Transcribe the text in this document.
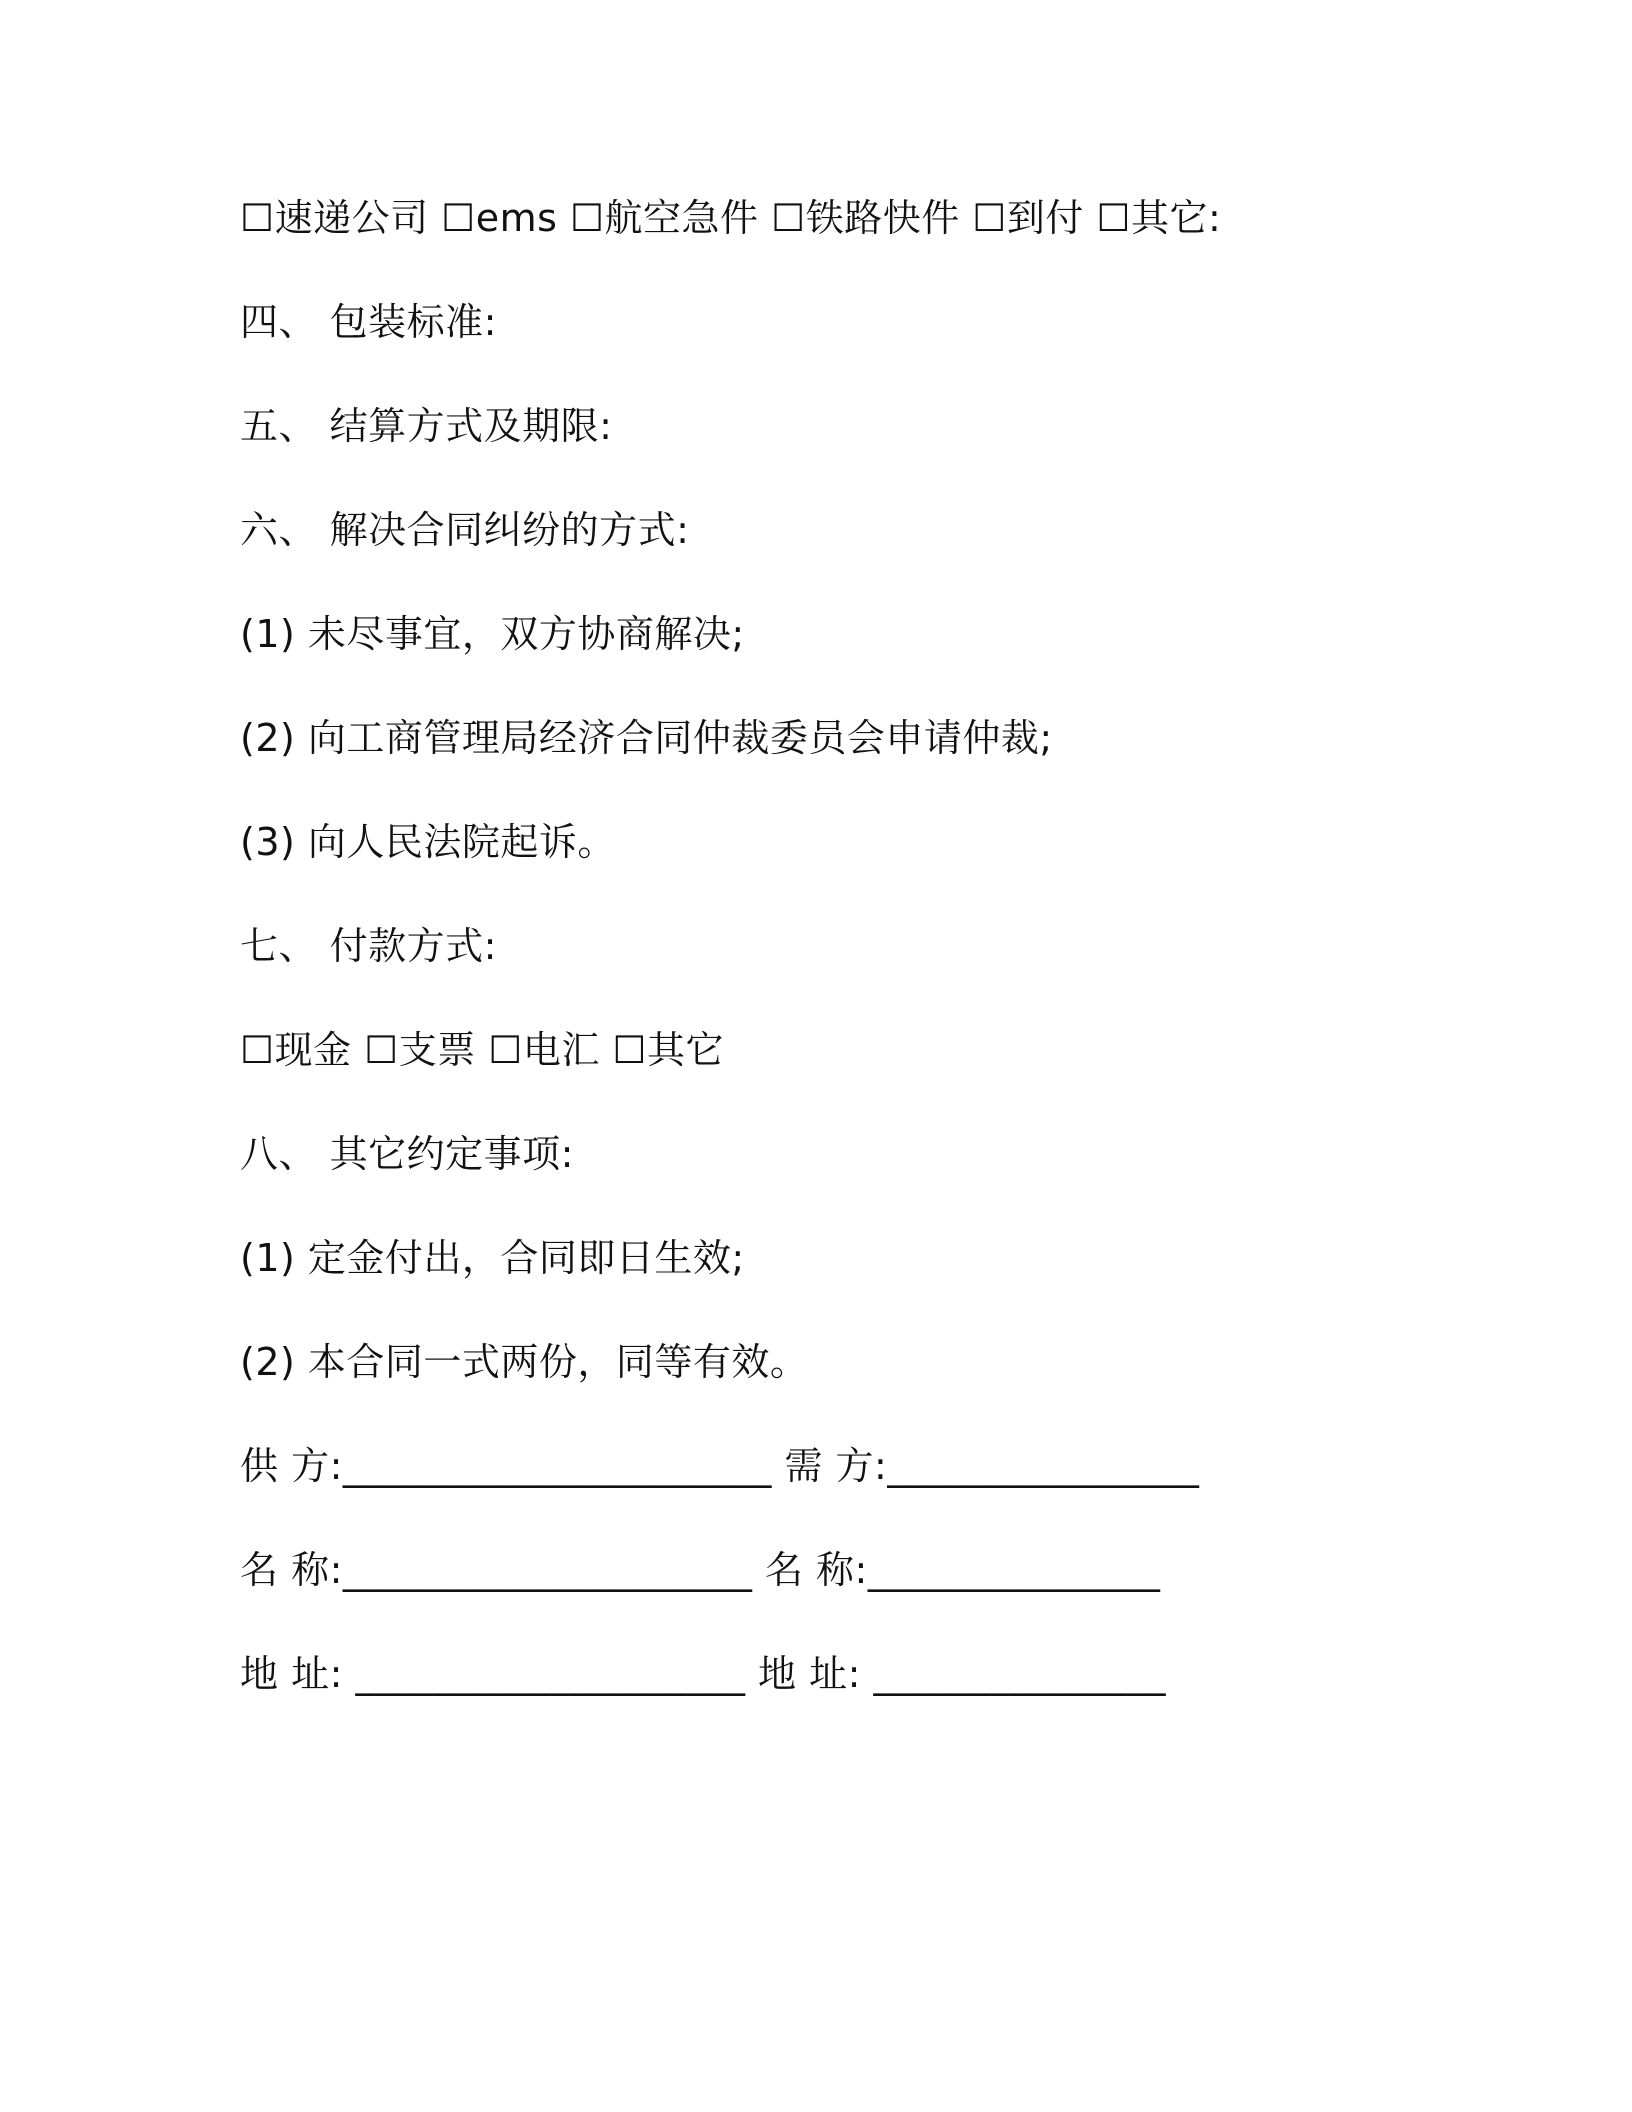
☐速递公司 ☐ems ☐航空急件 ☐铁路快件 ☐到付 ☐其它:
四、 包装标准:
五、 结算方式及期限:
六、 解决合同纠纷的方式:
(1) 未尽事宜，双方协商解决;
(2) 向工商管理局经济合同仲裁委员会申请仲裁;
(3) 向人民法院起诉。
七、 付款方式:
☐现金 ☐支票 ☐电汇 ☐其它
八、 其它约定事项:
(1) 定金付出，合同即日生效;
(2) 本合同一式两份，同等有效。
供 方:______________________ 需 方:________________
名 称:_____________________ 名 称:_______________
地 址: ____________________ 地 址: _______________
